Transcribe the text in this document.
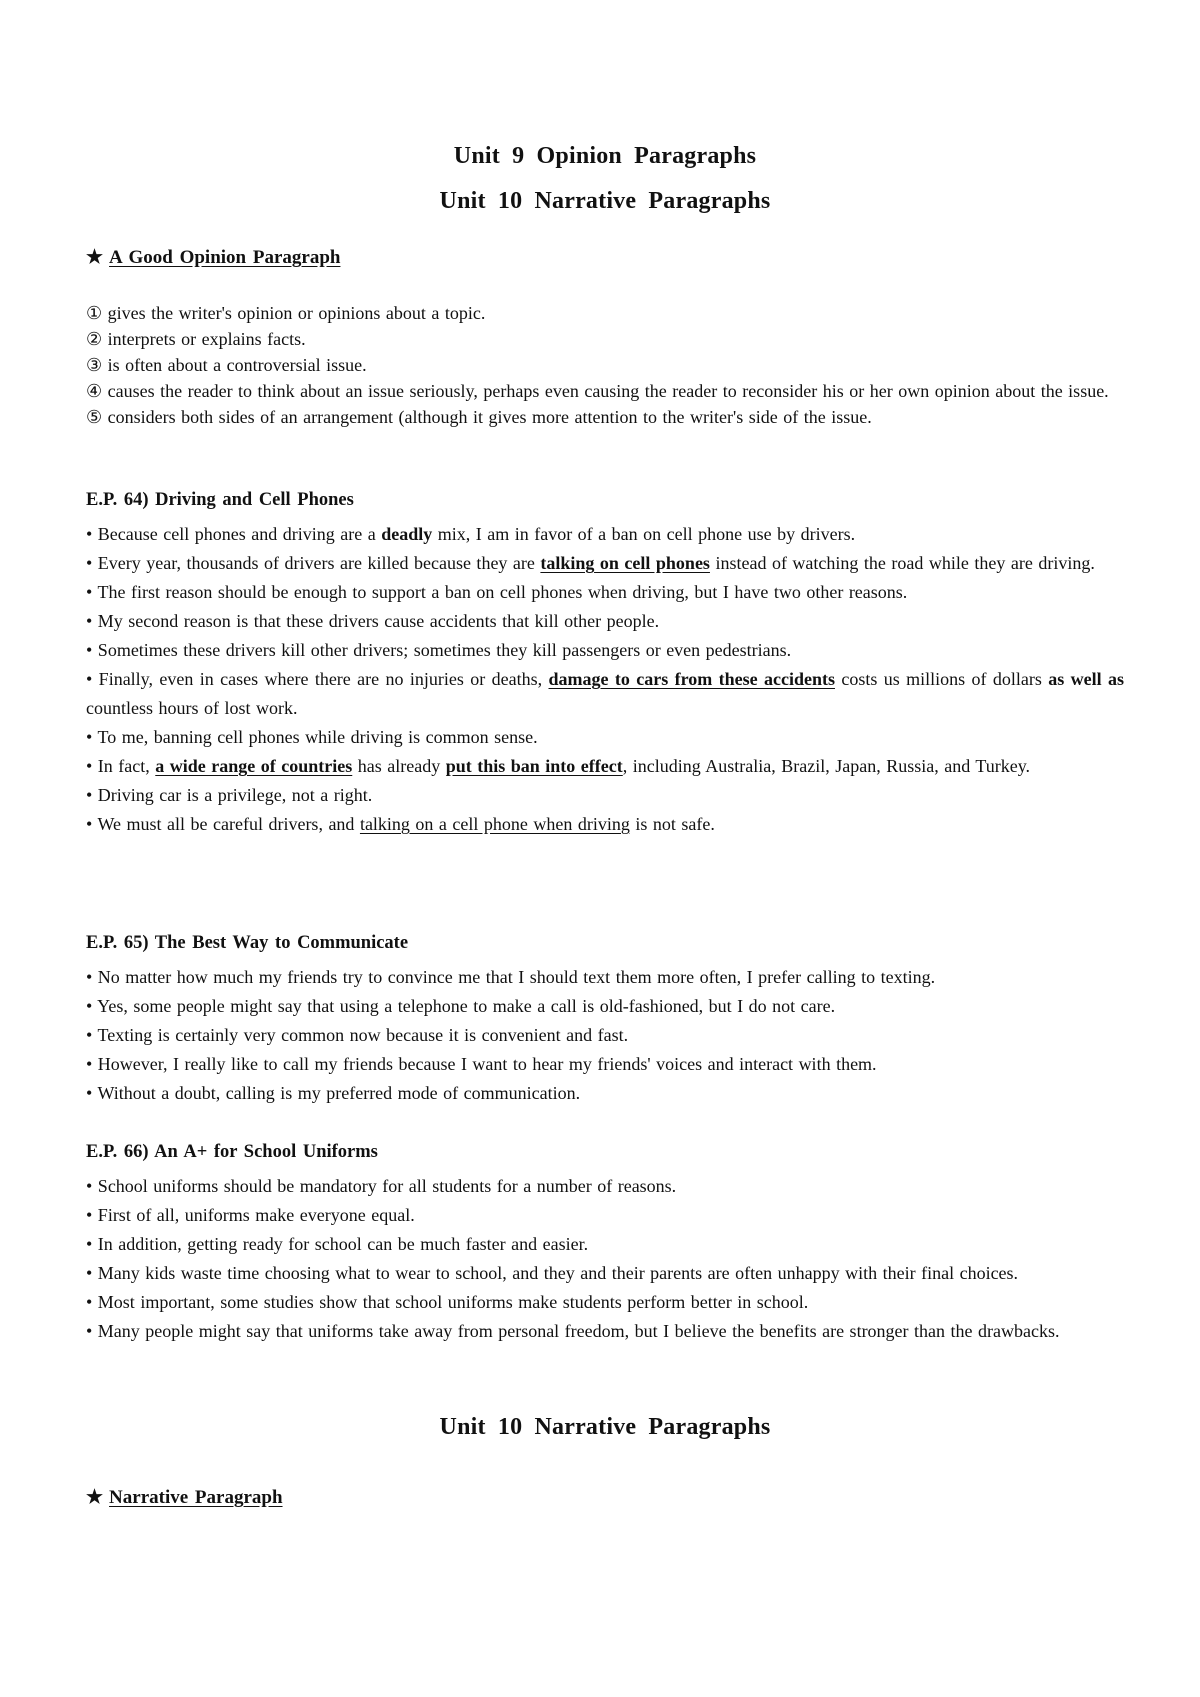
Unit 9 Opinion Paragraphs
Unit 10 Narrative Paragraphs
★ A Good Opinion Paragraph
① gives the writer's opinion or opinions about a topic.
② interprets or explains facts.
③ is often about a controversial issue.
④ causes the reader to think about an issue seriously, perhaps even causing the reader to reconsider his or her own opinion about the issue.
⑤ considers both sides of an arrangement (although it gives more attention to the writer's side of the issue.
E.P. 64) Driving and Cell Phones
• Because cell phones and driving are a deadly mix, I am in favor of a ban on cell phone use by drivers.
• Every year, thousands of drivers are killed because they are talking on cell phones instead of watching the road while they are driving.
• The first reason should be enough to support a ban on cell phones when driving, but I have two other reasons.
• My second reason is that these drivers cause accidents that kill other people.
• Sometimes these drivers kill other drivers; sometimes they kill passengers or even pedestrians.
• Finally, even in cases where there are no injuries or deaths, damage to cars from these accidents costs us millions of dollars as well as countless hours of lost work.
• To me, banning cell phones while driving is common sense.
• In fact, a wide range of countries has already put this ban into effect, including Australia, Brazil, Japan, Russia, and Turkey.
• Driving car is a privilege, not a right.
• We must all be careful drivers, and talking on a cell phone when driving is not safe.
E.P. 65) The Best Way to Communicate
• No matter how much my friends try to convince me that I should text them more often, I prefer calling to texting.
• Yes, some people might say that using a telephone to make a call is old-fashioned, but I do not care.
• Texting is certainly very common now because it is convenient and fast.
• However, I really like to call my friends because I want to hear my friends' voices and interact with them.
• Without a doubt, calling is my preferred mode of communication.
E.P. 66) An A+ for School Uniforms
• School uniforms should be mandatory for all students for a number of reasons.
• First of all, uniforms make everyone equal.
• In addition, getting ready for school can be much faster and easier.
• Many kids waste time choosing what to wear to school, and they and their parents are often unhappy with their final choices.
• Most important, some studies show that school uniforms make students perform better in school.
• Many people might say that uniforms take away from personal freedom, but I believe the benefits are stronger than the drawbacks.
Unit 10 Narrative Paragraphs
★ Narrative Paragraph
